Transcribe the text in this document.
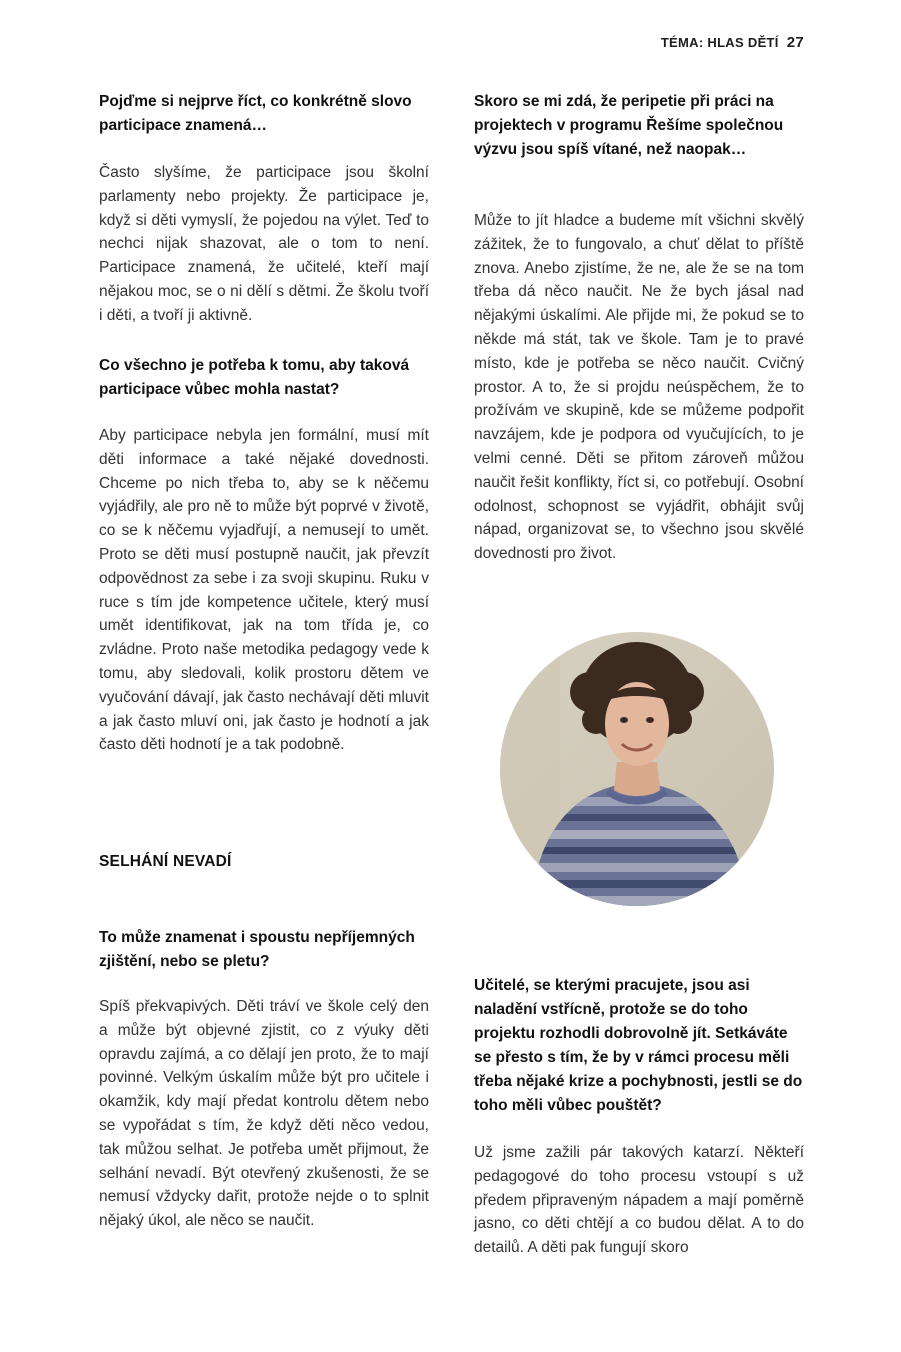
TÉMA: HLAS DĚTÍ 27

Pojďme si nejprve říct, co konkrétně slovo participace znamená…

Často slyšíme, že participace jsou školní parlamenty nebo projekty. Že participace je, když si děti vymyslí, že pojedou na výlet. Teď to nechci nijak shazovat, ale o tom to není. Participace znamená, že učitelé, kteří mají nějakou moc, se o ni dělí s dětmi. Že školu tvoří i děti, a tvoří ji aktivně.

Co všechno je potřeba k tomu, aby taková participace vůbec mohla nastat?

Aby participace nebyla jen formální, musí mít děti informace a také nějaké dovednosti. Chceme po nich třeba to, aby se k něčemu vyjádřily, ale pro ně to může být poprvé v životě, co se k něčemu vyjadřují, a nemusejí to umět. Proto se děti musí postupně naučit, jak převzít odpovědnost za sebe i za svoji skupinu. Ruku v ruce s tím jde kompetence učitele, který musí umět identifikovat, jak na tom třída je, co zvládne. Proto naše metodika pedagogy vede k tomu, aby sledovali, kolik prostoru dětem ve vyučování dávají, jak často nechávají děti mluvit a jak často mluví oni, jak často je hodnotí a jak často děti hodnotí je a tak podobně.

SELHÁNÍ NEVADÍ

To může znamenat i spoustu nepříjemných zjištění, nebo se pletu?

Spíš překvapivých. Děti tráví ve škole celý den a může být objevné zjistit, co z výuky děti opravdu zajímá, a co dělají jen proto, že to mají povinné. Velkým úskalím může být pro učitele i okamžik, kdy mají předat kontrolu dětem nebo se vypořádat s tím, že když děti něco vedou, tak můžou selhat. Je potřeba umět přijmout, že selhání nevadí. Být otevřený zkušenosti, že se nemusí vždycky dařit, protože nejde o to splnit nějaký úkol, ale něco se naučit.

Skoro se mi zdá, že peripetie při práci na projektech v programu Řešíme společnou výzvu jsou spíš vítané, než naopak…

Může to jít hladce a budeme mít všichni skvělý zážitek, že to fungovalo, a chuť dělat to příště znova. Anebo zjistíme, že ne, ale že se na tom třeba dá něco naučit. Ne že bych jásal nad nějakými úskalími. Ale přijde mi, že pokud se to někde má stát, tak ve škole. Tam je to pravé místo, kde je potřeba se něco naučit. Cvičný prostor. A to, že si projdu neúspěchem, že to prožívám ve skupině, kde se můžeme podpořit navzájem, kde je podpora od vyučujících, to je velmi cenné. Děti se přitom zároveň můžou naučit řešit konflikty, říct si, co potřebují. Osobní odolnost, schopnost se vyjádřit, obhájit svůj nápad, organizovat se, to všechno jsou skvělé dovednosti pro život.

Učitelé, se kterými pracujete, jsou asi naladění vstřícně, protože se do toho projektu rozhodli dobrovolně jít. Setkáváte se přesto s tím, že by v rámci procesu měli třeba nějaké krize a pochybnosti, jestli se do toho měli vůbec pouštět?

Už jsme zažili pár takových katarzí. Někteří pedagogové do toho procesu vstoupí s už předem připraveným nápadem a mají poměrně jasno, co děti chtějí a co budou dělat. A to do detailů. A děti pak fungují skoro
